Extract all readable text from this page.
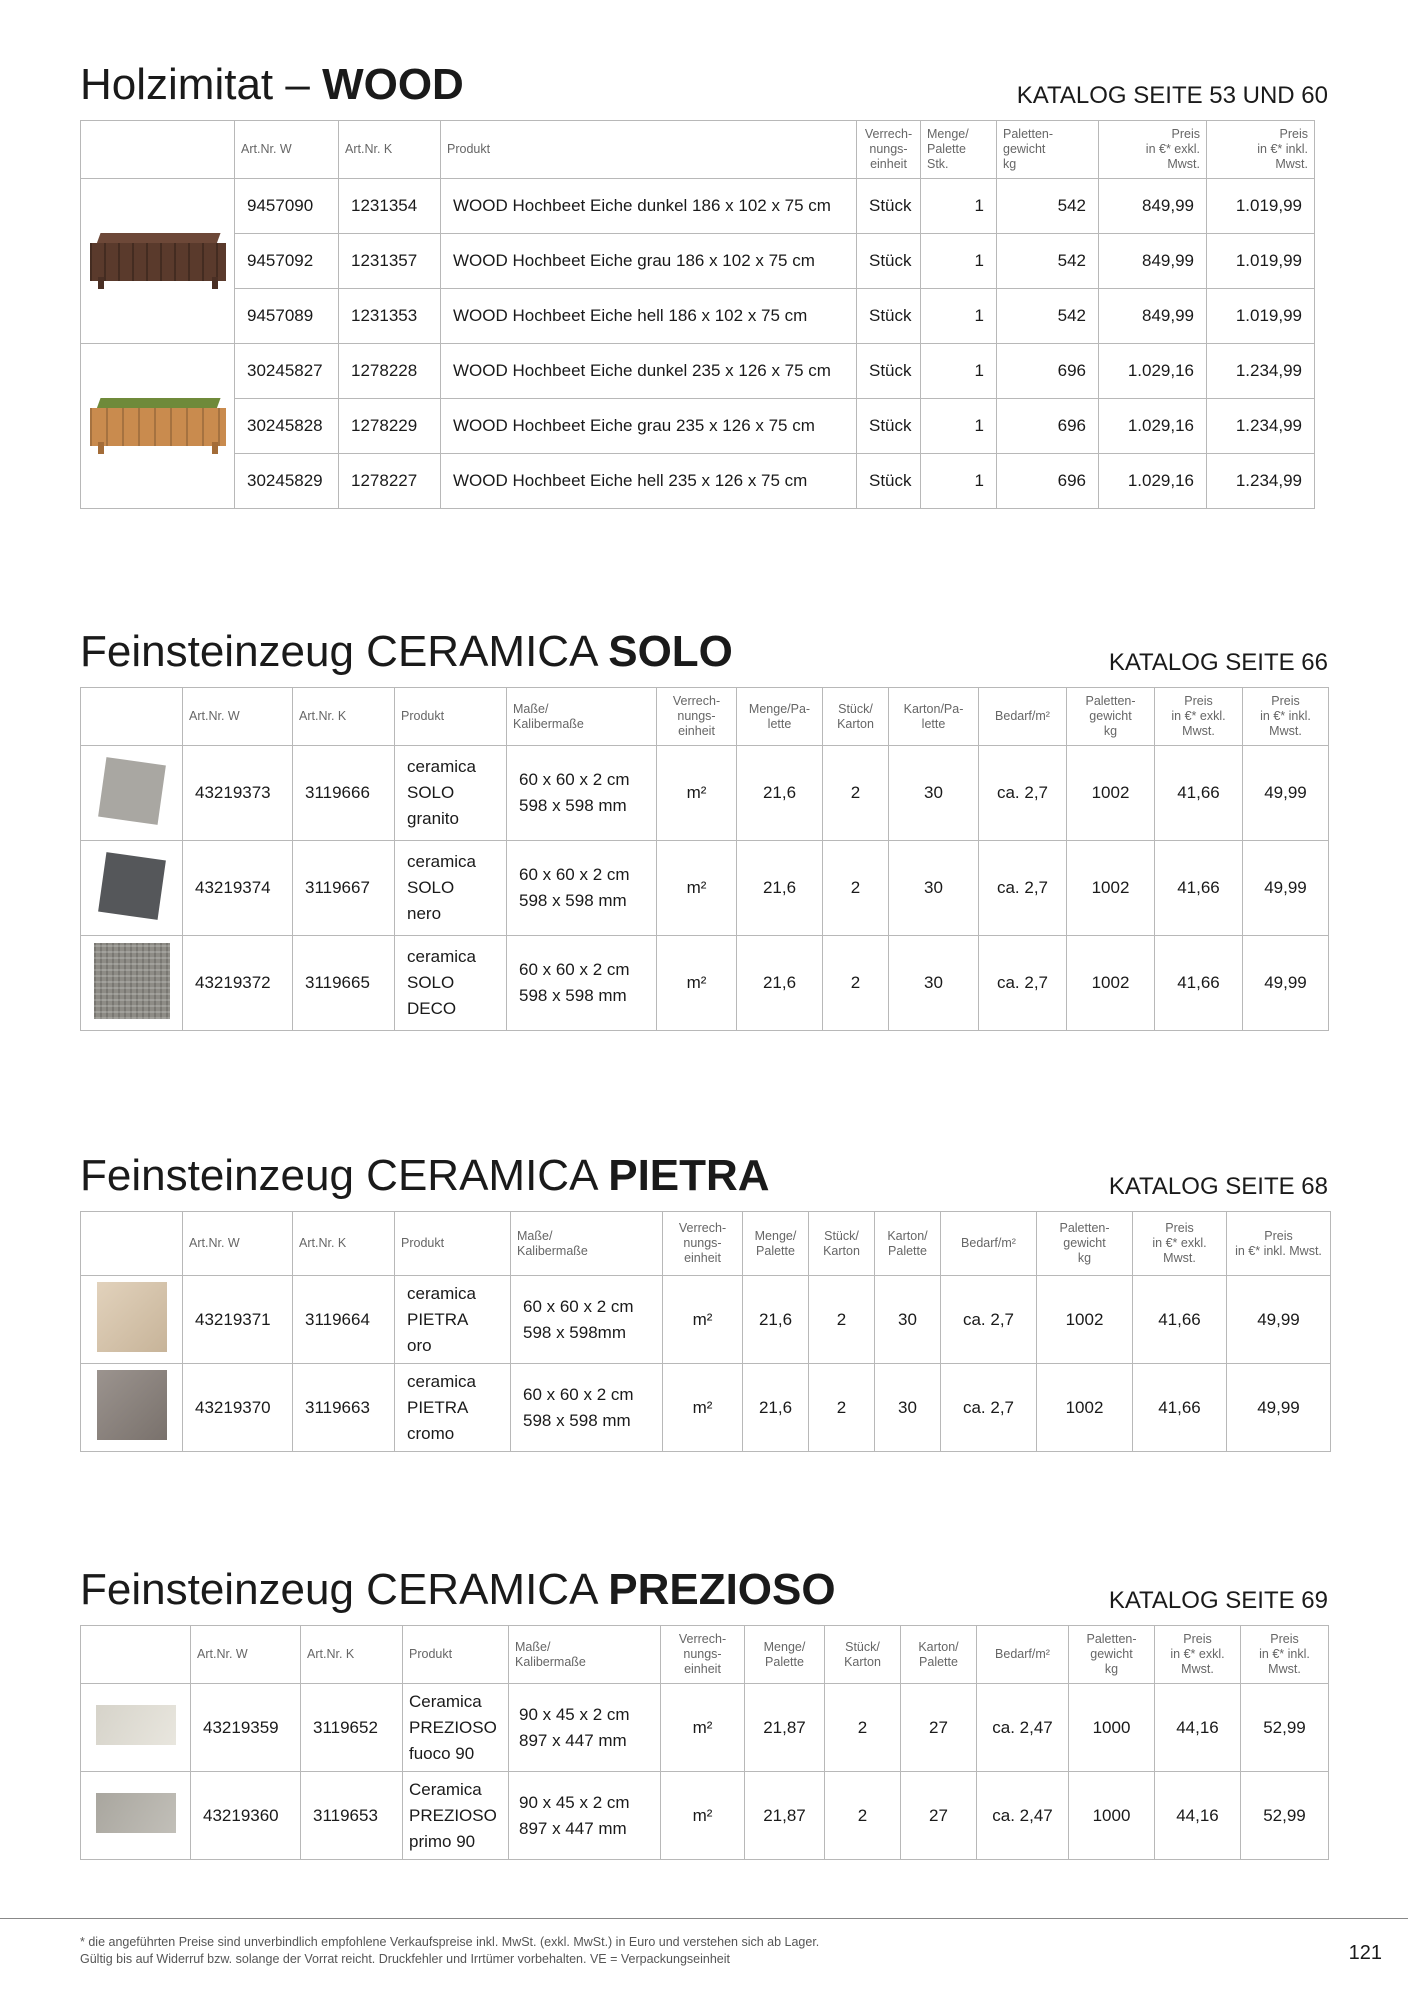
Holzimitat – WOOD	KATALOG SEITE 53 UND 60
	Art.Nr. W	Art.Nr. K	Produkt	Verrech-
nungs-
einheit	Menge/
Palette
Stk.	Paletten-
gewicht
kg	Preis
in €* exkl.
Mwst.	Preis
in €* inkl.
Mwst.

	9457090	1231354	WOOD Hochbeet Eiche dunkel 186 x 102 x 75 cm	Stück	1	542	849,99	1.019,99
	9457092	1231357	WOOD Hochbeet Eiche grau 186 x 102 x 75 cm	Stück	1	542	849,99	1.019,99
	9457089	1231353	WOOD Hochbeet Eiche hell 186 x 102 x 75 cm	Stück	1	542	849,99	1.019,99

	30245827	1278228	WOOD Hochbeet Eiche dunkel 235 x 126 x 75 cm	Stück	1	696	1.029,16	1.234,99
	30245828	1278229	WOOD Hochbeet Eiche grau 235 x 126 x 75 cm	Stück	1	696	1.029,16	1.234,99
	30245829	1278227	WOOD Hochbeet Eiche hell 235 x 126 x 75 cm	Stück	1	696	1.029,16	1.234,99
Feinsteinzeug CERAMICA SOLO	KATALOG SEITE 66
	Art.Nr. W	Art.Nr. K	Produkt	Maße/
Kalibermaße	Verrech-
nungs-
einheit	Menge/Pa-
lette	Stück/
Karton	Karton/Pa-
lette	Bedarf/m²	Paletten-
gewicht
kg	Preis
in €* exkl.
Mwst.	Preis
in €* inkl.
Mwst.
	43219373	3119666	ceramica
SOLO
granito	60 x 60 x 2 cm
598 x 598 mm	m²	21,6	2	30	ca. 2,7	1002	41,66	49,99
	43219374	3119667	ceramica
SOLO
nero	60 x 60 x 2 cm
598 x 598 mm	m²	21,6	2	30	ca. 2,7	1002	41,66	49,99
	43219372	3119665	ceramica
SOLO
DECO	60 x 60 x 2 cm
598 x 598 mm	m²	21,6	2	30	ca. 2,7	1002	41,66	49,99
Feinsteinzeug CERAMICA PIETRA	KATALOG SEITE 68
	Art.Nr. W	Art.Nr. K	Produkt	Maße/
Kalibermaße	Verrech-
nungs-
einheit	Menge/
Palette	Stück/
Karton	Karton/
Palette	Bedarf/m²	Paletten-
gewicht
kg	Preis
in €* exkl.
Mwst.	Preis
in €* inkl. Mwst.
	43219371	3119664	ceramica
PIETRA
oro	60 x 60 x 2 cm
598 x 598mm	m²	21,6	2	30	ca. 2,7	1002	41,66	49,99
	43219370	3119663	ceramica
PIETRA
cromo	60 x 60 x 2 cm
598 x 598 mm	m²	21,6	2	30	ca. 2,7	1002	41,66	49,99
Feinsteinzeug CERAMICA PREZIOSO	KATALOG SEITE 69
	Art.Nr. W	Art.Nr. K	Produkt	Maße/
Kalibermaße	Verrech-
nungs-
einheit	Menge/
Palette	Stück/
Karton	Karton/
Palette	Bedarf/m²	Paletten-
gewicht
kg	Preis
in €* exkl.
Mwst.	Preis
in €* inkl.
Mwst.
	43219359	3119652	Ceramica
PREZIOSO
fuoco 90	90 x 45 x 2 cm
897 x 447 mm	m²	21,87	2	27	ca. 2,47	1000	44,16	52,99
	43219360	3119653	Ceramica
PREZIOSO
primo 90	90 x 45 x 2 cm
897 x 447 mm	m²	21,87	2	27	ca. 2,47	1000	44,16	52,99
* die angeführten Preise sind unverbindlich empfohlene Verkaufspreise inkl. MwSt. (exkl. MwSt.) in Euro und verstehen sich ab Lager.
Gültig bis auf Widerruf bzw. solange der Vorrat reicht. Druckfehler und Irrtümer vorbehalten. VE = Verpackungseinheit	121
